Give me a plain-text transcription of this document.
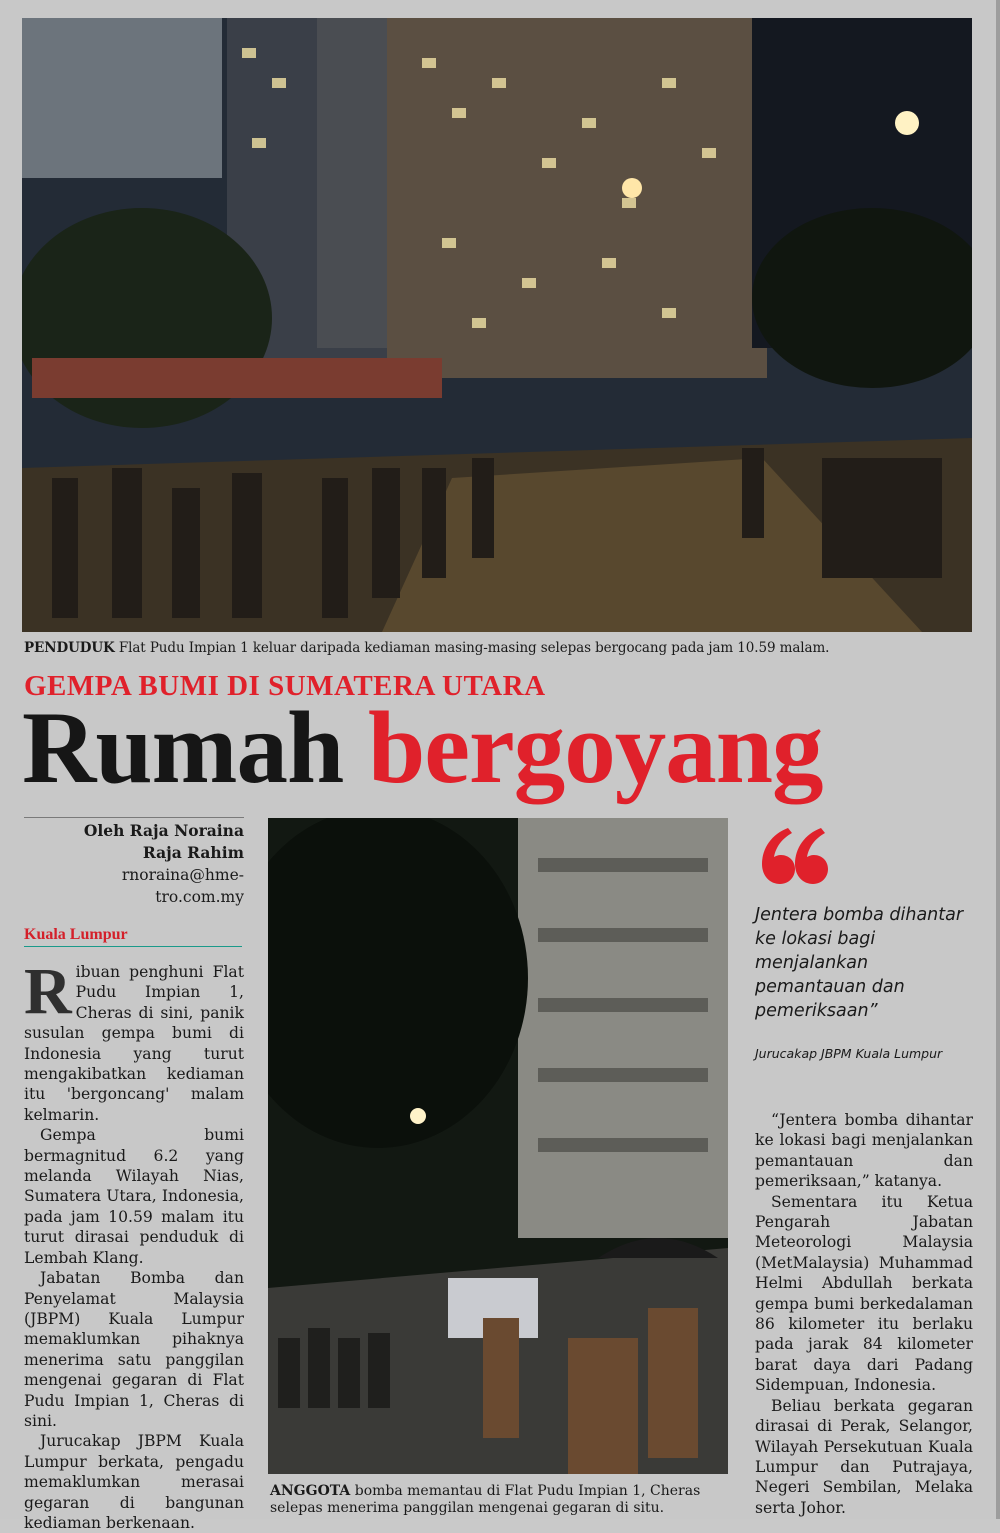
PENDUDUK Flat Pudu Impian 1 keluar daripada kediaman masing-masing selepas bergocang pada jam 10.59 malam.
GEMPA BUMI DI SUMATERA UTARA
Rumah bergoyang
Oleh Raja Noraina
Raja Rahim
rnoraina@hme-
tro.com.my
Kuala Lumpur

Ribuan penghuni Flat Pudu Impian 1, Cheras di sini, panik susulan gempa bumi di Indonesia yang turut mengakibatkan kediaman itu 'bergoncang' malam kelmarin.

Gempa bumi bermagnitud 6.2 yang melanda Wilayah Nias, Sumatera Utara, Indonesia, pada jam 10.59 malam itu turut dirasai penduduk di Lembah Klang.

Jabatan Bomba dan Penyelamat Malaysia (JBPM) Kuala Lumpur memaklumkan pihaknya menerima satu panggilan mengenai gegaran di Flat Pudu Impian 1, Cheras di sini.

Jurucakap JBPM Kuala Lumpur berkata, pengadu memaklumkan merasai gegaran di bangunan kediaman berkenaan.

ANGGOTA bomba memantau di Flat Pudu Impian 1, Cheras selepas menerima panggilan mengenai gegaran di situ.
Jentera bomba dihantar ke lokasi bagi menjalankan pemantauan dan pemeriksaan”
Jurucakap JBPM Kuala Lumpur

“Jentera bomba dihantar ke lokasi bagi menjalankan pemantauan dan pemeriksaan,” katanya.

Sementara itu Ketua Pengarah Jabatan Meteorologi Malaysia (MetMalaysia) Muhammad Helmi Abdullah berkata gempa bumi berkedalaman 86 kilometer itu berlaku pada jarak 84 kilometer barat daya dari Padang Sidempuan, Indonesia.

Beliau berkata gegaran dirasai di Perak, Selangor, Wilayah Persekutuan Kuala Lumpur dan Putrajaya, Negeri Sembilan, Melaka serta Johor.
